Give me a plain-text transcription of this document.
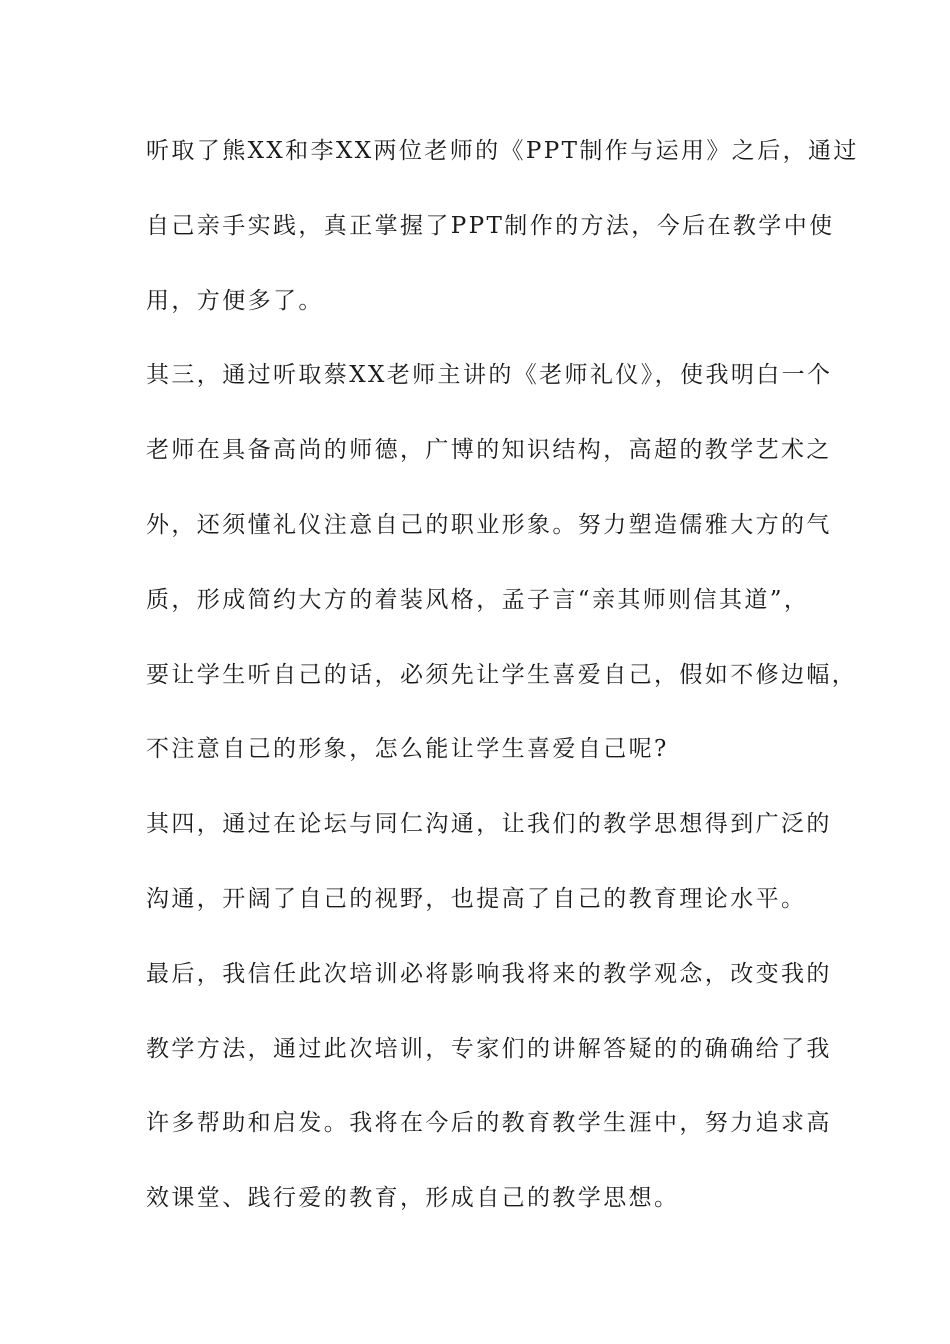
听取了熊XX和李XX两位老师的《PPT制作与运用》之后，通过
自己亲手实践，真正掌握了PPT制作的方法，今后在教学中使
用，方便多了。
其三，通过听取蔡XX老师主讲的《老师礼仪》，使我明白一个
老师在具备高尚的师德，广博的知识结构，高超的教学艺术之
外，还须懂礼仪注意自己的职业形象。努力塑造儒雅大方的气
质，形成简约大方的着装风格，孟子言“亲其师则信其道”，
要让学生听自己的话，必须先让学生喜爱自己，假如不修边幅，
不注意自己的形象，怎么能让学生喜爱自己呢?
其四，通过在论坛与同仁沟通，让我们的教学思想得到广泛的
沟通，开阔了自己的视野，也提高了自己的教育理论水平。
最后，我信任此次培训必将影响我将来的教学观念，改变我的
教学方法，通过此次培训，专家们的讲解答疑的的确确给了我
许多帮助和启发。我将在今后的教育教学生涯中，努力追求高
效课堂、践行爱的教育，形成自己的教学思想。
